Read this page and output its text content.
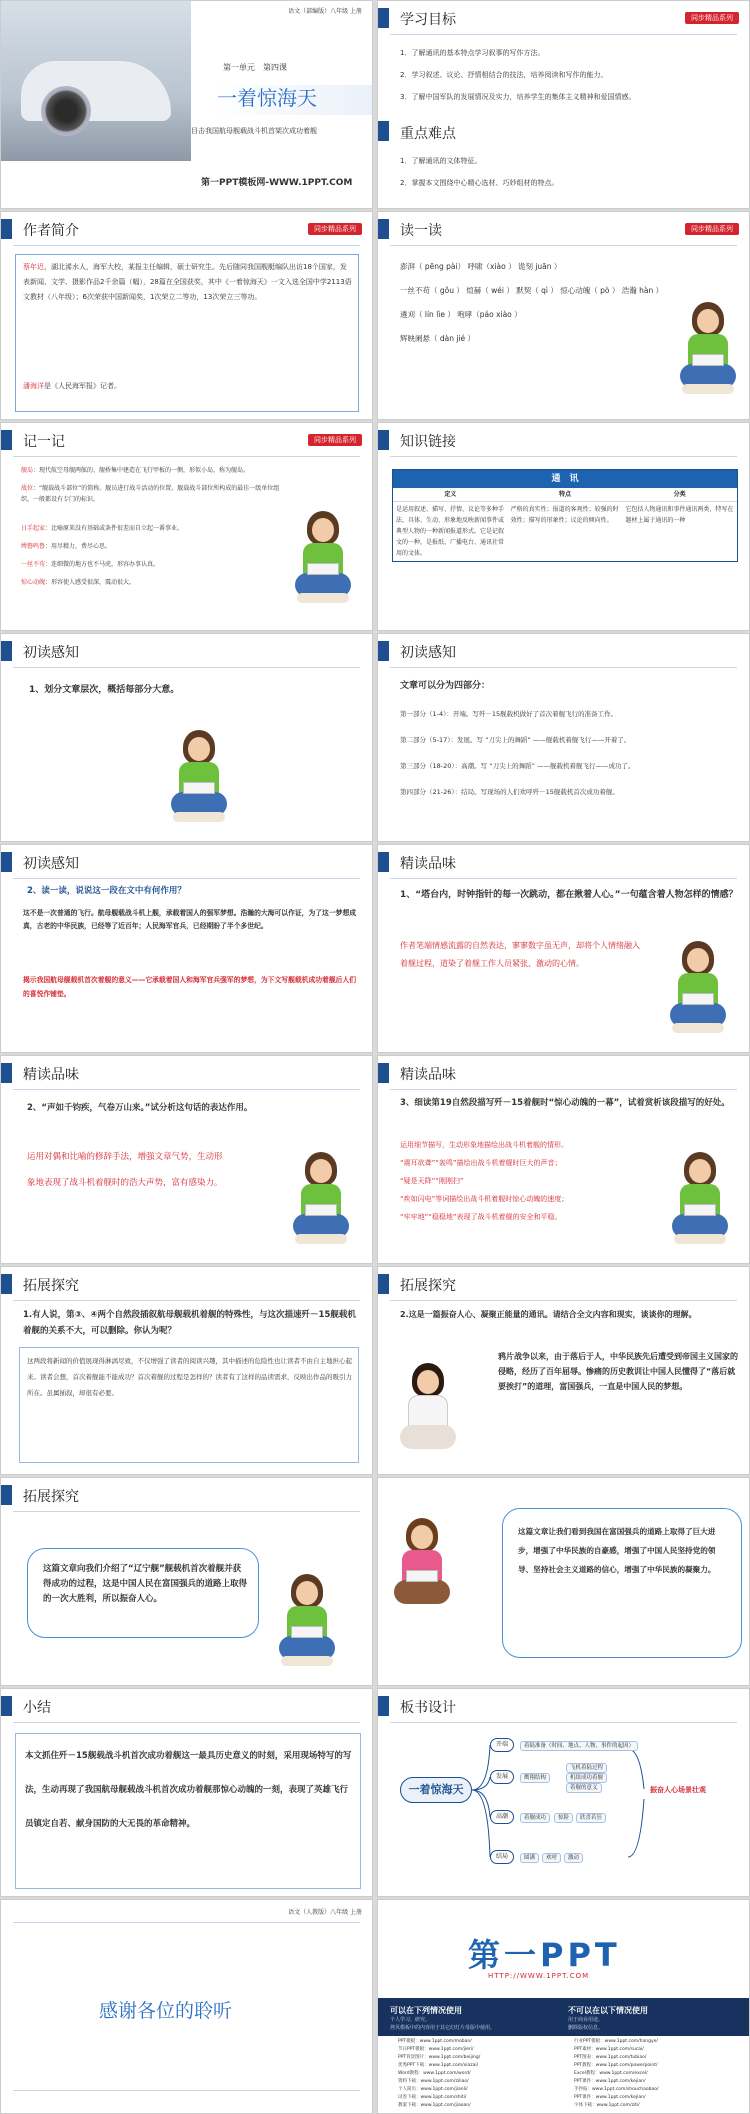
语文（部编版）八年级 上册
第一单元　第四课
一着惊海天
目击我国航母舰载战斗机首架次成功着舰
第一PPT模板网-WWW.1PPT.COM
学习目标	同步精品系列
1．了解通讯的基本特点学习叙事的写作方法。
2．学习叙述、议论、抒情相结合的技法，培养阅读和写作的能力。
3．了解中国军队的发展情况及实力，培养学生的集体主义精神和爱国情感。
重点难点
1．了解通讯的文体特征。
2．掌握本文围绕中心精心选材、巧妙组材的特点。
作者简介	同步精品系列
蔡年迟，湖北浠水人，海军大校，某报主任编辑，硕士研究生。先后随同我国舰艇编队出访18个国家，发表新闻、文学、摄影作品2千余篇（幅），28篇在全国获奖，其中《一着惊海天》一文入选全国中学2113语文教材（八年级）；6次荣获中国新闻奖，1次荣立二等功，13次荣立三等功。
潘海洋是《人民海军报》记者。
读一读	同步精品系列
澎湃（ pēng pài） 呼啸（xiào ） 诡刻 juān ）
一丝不苟（ gǒu ） 煊赫（ wéi ） 默契（ qì ） 惊心动魄（ pò ） 浩瀚 hàn ）
遴刈（ lín lìe ） 咆哮（páo xiào ）
辉映阑悬（ dàn jié ）
记一记	同步精品系列
舰岛：现代航空母舰两舷的、舰桥集中建造在飞行甲板的一侧，形似小岛，称为舰岛。
战位：“舰载战斗部位”的简称。舰员进行战斗活动的位置。舰载战斗部位所构成的最佳一级单位组织，一般都设有专门的标识。
日手起家：比喻原来没有基础或条件很差而自立起一番事业。
缚磐鸣鲁：用尽精力，费尽心思。
一丝不苟：连细微的地方也不马虎，形容办事认真。
惊心动魄：形容使人感受很深，震动很大。
知识链接
通　讯
定义	特点	分类
是运用叙述、描写、抒情、议论等多种手法，具体、生动、形象地反映新闻事件或典型人物的一种新闻报道形式。它是记叙文的一种，是报纸、广播电台、通讯社常用的文体。
严格的真实性；报道的客观性；较强的时效性；描写的形象性；议论的倾向性。
它包括人物通讯和事件通讯两类，特写在题材上属于通讯的一种
初读感知
1、划分文章层次，概括每部分大意。
初读感知
文章可以分为四部分：
第一部分（1-4）：开端。写歼－15舰载机做好了首次着舰飞行的准备工作。
第二部分（5-17）：发展。写 “刀尖上的舞蹈” ——舰载机着舰飞行——开着了。
第三部分（18-20）：高潮。写 “刀尖上的舞蹈” ——舰载机着舰飞行——成功了。
第四部分（21-26）：结局。写现场的人们欢呼歼－15舰载机首次成功着舰。
初读感知
2、读一读，说说这一段在文中有何作用？
这不是一次普通的飞行。航母舰载战斗机上舰，承载着国人的强军梦想。浩瀚的大海可以作证，为了这一梦想成真，古老的中华民族，已经等了近百年；人民海军官兵，已经期盼了半个多世纪。
揭示我国航母舰载机首次着舰的意义——它承载着国人和海军官兵强军的梦想，为下文写舰载机成功着舰后人们的喜悦作铺垫。
精读品味
1、“塔台内，时钟指针的每一次跳动，都在揪着人心。”一句蕴含着人物怎样的情感？
作者笔端情感流露的自然表达，寥寥数字虽无声，却将个人情绪融入着舰过程，道染了着舰工作人员紧张、激动的心情。
精读品味
2、“声如千钧疾，气卷万山来。”试分析这句话的表达作用。
运用对偶和比喻的修辞手法，增强文章气势，生动形象地表现了战斗机着舰时的浩大声势，富有感染力。
精读品味
3、细读第19自然段描写歼－15着舰时“惊心动魄的一幕”，试着赏析该段描写的好处。
运用细节描写，生动形象地描绘出战斗机着舰的情形。
“震耳欲聋”“轰鸣”描绘出战斗机着舰时巨大的声音；
“疑是天降”“刚刚扫”
“疾如闪电”等词描绘出战斗机着舰时惊心动魄的速度；
“牢牢地”“稳稳地”表现了战斗机着舰的安全和平稳。
拓展探究
1.有人说，第③、④两个自然段插叙航母舰载机着舰的特殊性，与这次描速歼－15舰载机着舰的关系不大，可以删除。你认为呢？
这两段将新闻的价值展现得淋漓尽致，不仅增强了读者的阅读兴趣，其中描述的危险性也让读者不由自主地担心起来。读者会想，首次着舰能不能成功？首次着舰的过程是怎样的？读者有了这样的品读需求，反映出作品的吸引力所在。虽属插叙，却很有必要。
拓展探究
2.这是一篇振奋人心、凝聚正能量的通讯。请结合全文内容和现实，谈谈你的理解。
鸦片战争以来，由于落后于人，中华民族先后遭受到帝国主义国家的侵略，经历了百年屈辱。惨痛的历史教训让中国人民懂得了“落后就要挨打”的道理，富国强兵，一直是中国人民的梦想。
拓展探究
这篇文章向我们介绍了“辽宁舰”舰载机首次着舰并获得成功的过程，这是中国人民在富国强兵的道路上取得的一次大胜利，所以振奋人心。
这篇文章让我们看到我国在富国强兵的道路上取得了巨大进步，增强了中华民族的自豪感，增强了中国人民坚持党的领导、坚持社会主义道路的信心，增强了中华民族的凝聚力。
小结
本文抓住歼－15舰载战斗机首次成功着舰这一最具历史意义的时刻，采用现场特写的写法，生动再现了我国航母舰载战斗机首次成功着舰那惊心动魄的一刻，表现了英雄飞行员镇定自若、献身国防的大无畏的革命精神。
板书设计
一着惊海天
开端
发展
高潮
结局
着陆准备（时间、地点、人物、事件的起因）
鹰翔结构
飞机着陆过程
机组成功着舰
着舰的意义
着舰成功	惊险	欣喜若狂
圆满	欢呼	激动
振奋人心场景壮观
语文（人教版）八年级 上册
感谢各位的聆听
第一PPT
HTTP://WWW.1PPT.COM
可以在下列情况使用
个人学习、研究。
拷贝模板中的内容用于其它幻灯片母版中使用。
不可以在以下情况使用
用于商业用途。
删除版权信息。
PPT模板：www.1ppt.com/moban/
节日PPT模板：www.1ppt.com/jieri/
PPT背景图片：www.1ppt.com/beijing/
优秀PPT下载：www.1ppt.com/xiazai/
Word教程：www.1ppt.com/word/
资料下载：www.1ppt.com/ziliao/
个人简历：www.1ppt.com/jianli/
试卷下载：www.1ppt.com/shiti/
教案下载：www.1ppt.com/jiaoan/
行业PPT模板：www.1ppt.com/hangye/
PPT素材：www.1ppt.com/sucai/
PPT图表：www.1ppt.com/tubiao/
PPT教程：www.1ppt.com/powerpoint/
Excel教程：www.1ppt.com/excel/
PPT课件：www.1ppt.com/kejian/
手抄报：www.1ppt.com/shouchaobao/
PPT课件：www.1ppt.com/kejian/
字体下载：www.1ppt.com/ziti/
